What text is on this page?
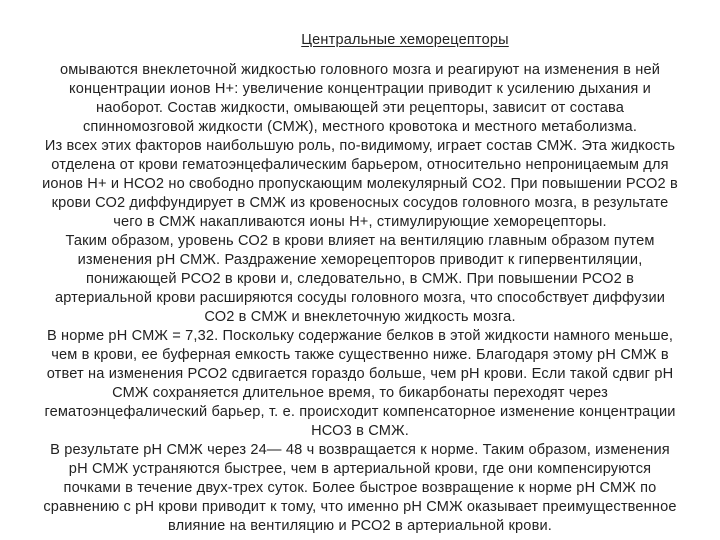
Центральные хеморецепторы

омываются внеклеточной жидкостью головного мозга и реагируют на изменения в ней
концентрации ионов Н+: увеличение концентрации приводит к усилению дыхания и
наоборот. Состав жидкости, омывающей эти рецепторы, зависит от состава
спинномозговой жидкости (СМЖ), местного кровотока и местного метаболизма.

Из всех этих факторов наибольшую роль, по-видимому, играет состав СМЖ. Эта жидкость
отделена от крови гематоэнцефалическим барьером, относительно непроницаемым для
ионов Н+ и НСО2 но свободно пропускающим молекулярный СО2. При повышении РСО2 в
крови СО2 диффундирует в СМЖ из кровеносных сосудов головного мозга, в результате
чего в СМЖ накапливаются ионы Н+, стимулирующие хеморецепторы.

Таким образом, уровень СО2 в крови влияет на вентиляцию главным образом путем
изменения рН СМЖ. Раздражение хеморецепторов приводит к гипервентиляции,
понижающей РСО2 в крови и, следовательно, в СМЖ. При повышении РСО2 в
артериальной крови расширяются сосуды головного мозга, что способствует диффузии
СО2 в СМЖ и внеклеточную жидкость мозга.

В норме рН СМЖ = 7,32. Поскольку содержание белков в этой жидкости намного меньше,
чем в крови, ее буферная емкость также существенно ниже. Благодаря этому рН СМЖ в
ответ на изменения РСО2 сдвигается гораздо больше, чем рН крови. Если такой сдвиг рН
СМЖ сохраняется длительное время, то бикарбонаты переходят через
гематоэнцефалический барьер, т. е. происходит компенсаторное изменение концентрации
НСО3 в СМЖ.

В результате рН СМЖ через 24— 48 ч возвращается к норме. Таким образом, изменения
рН СМЖ устраняются быстрее, чем в артериальной крови, где они компенсируются
почками в течение двух-трех суток. Более быстрое возвращение к норме рН СМЖ по
сравнению с рН крови приводит к тому, что именно рН СМЖ оказывает преимущественное
влияние на вентиляцию и РСО2 в артериальной крови.
